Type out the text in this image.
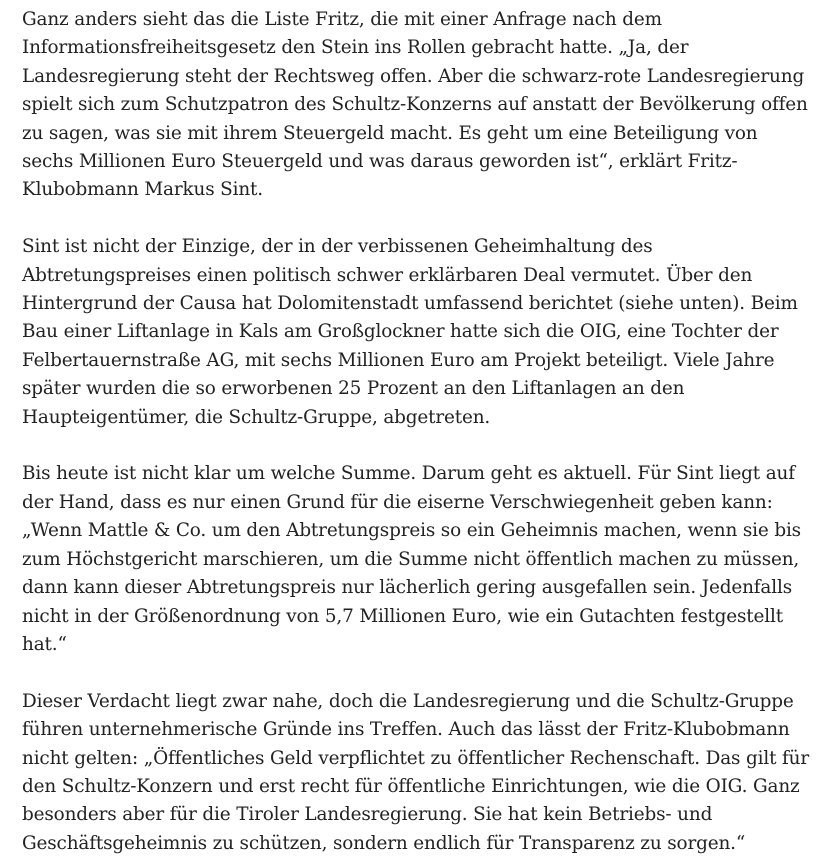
Ganz anders sieht das die Liste Fritz, die mit einer Anfrage nach dem Informationsfreiheitsgesetz den Stein ins Rollen gebracht hatte. „Ja, der Landesregierung steht der Rechtsweg offen. Aber die schwarz-rote Landesregierung spielt sich zum Schutzpatron des Schultz-Konzerns auf anstatt der Bevölkerung offen zu sagen, was sie mit ihrem Steuergeld macht. Es geht um eine Beteiligung von sechs Millionen Euro Steuergeld und was daraus geworden ist“, erklärt Fritz-Klubobmann Markus Sint.

Sint ist nicht der Einzige, der in der verbissenen Geheimhaltung des Abtretungspreises einen politisch schwer erklärbaren Deal vermutet. Über den Hintergrund der Causa hat Dolomitenstadt umfassend berichtet (siehe unten). Beim Bau einer Liftanlage in Kals am Großglockner hatte sich die OIG, eine Tochter der Felbertauernstraße AG, mit sechs Millionen Euro am Projekt beteiligt. Viele Jahre später wurden die so erworbenen 25 Prozent an den Liftanlagen an den Haupteigentümer, die Schultz-Gruppe, abgetreten.

Bis heute ist nicht klar um welche Summe. Darum geht es aktuell. Für Sint liegt auf der Hand, dass es nur einen Grund für die eiserne Verschwiegenheit geben kann: „Wenn Mattle & Co. um den Abtretungspreis so ein Geheimnis machen, wenn sie bis zum Höchstgericht marschieren, um die Summe nicht öffentlich machen zu müssen, dann kann dieser Abtretungspreis nur lächerlich gering ausgefallen sein. Jedenfalls nicht in der Größenordnung von 5,7 Millionen Euro, wie ein Gutachten festgestellt hat.“

Dieser Verdacht liegt zwar nahe, doch die Landesregierung und die Schultz-Gruppe führen unternehmerische Gründe ins Treffen. Auch das lässt der Fritz-Klubobmann nicht gelten: „Öffentliches Geld verpflichtet zu öffentlicher Rechenschaft. Das gilt für den Schultz-Konzern und erst recht für öffentliche Einrichtungen, wie die OIG. Ganz besonders aber für die Tiroler Landesregierung. Sie hat kein Betriebs- und Geschäftsgeheimnis zu schützen, sondern endlich für Transparenz zu sorgen.“
